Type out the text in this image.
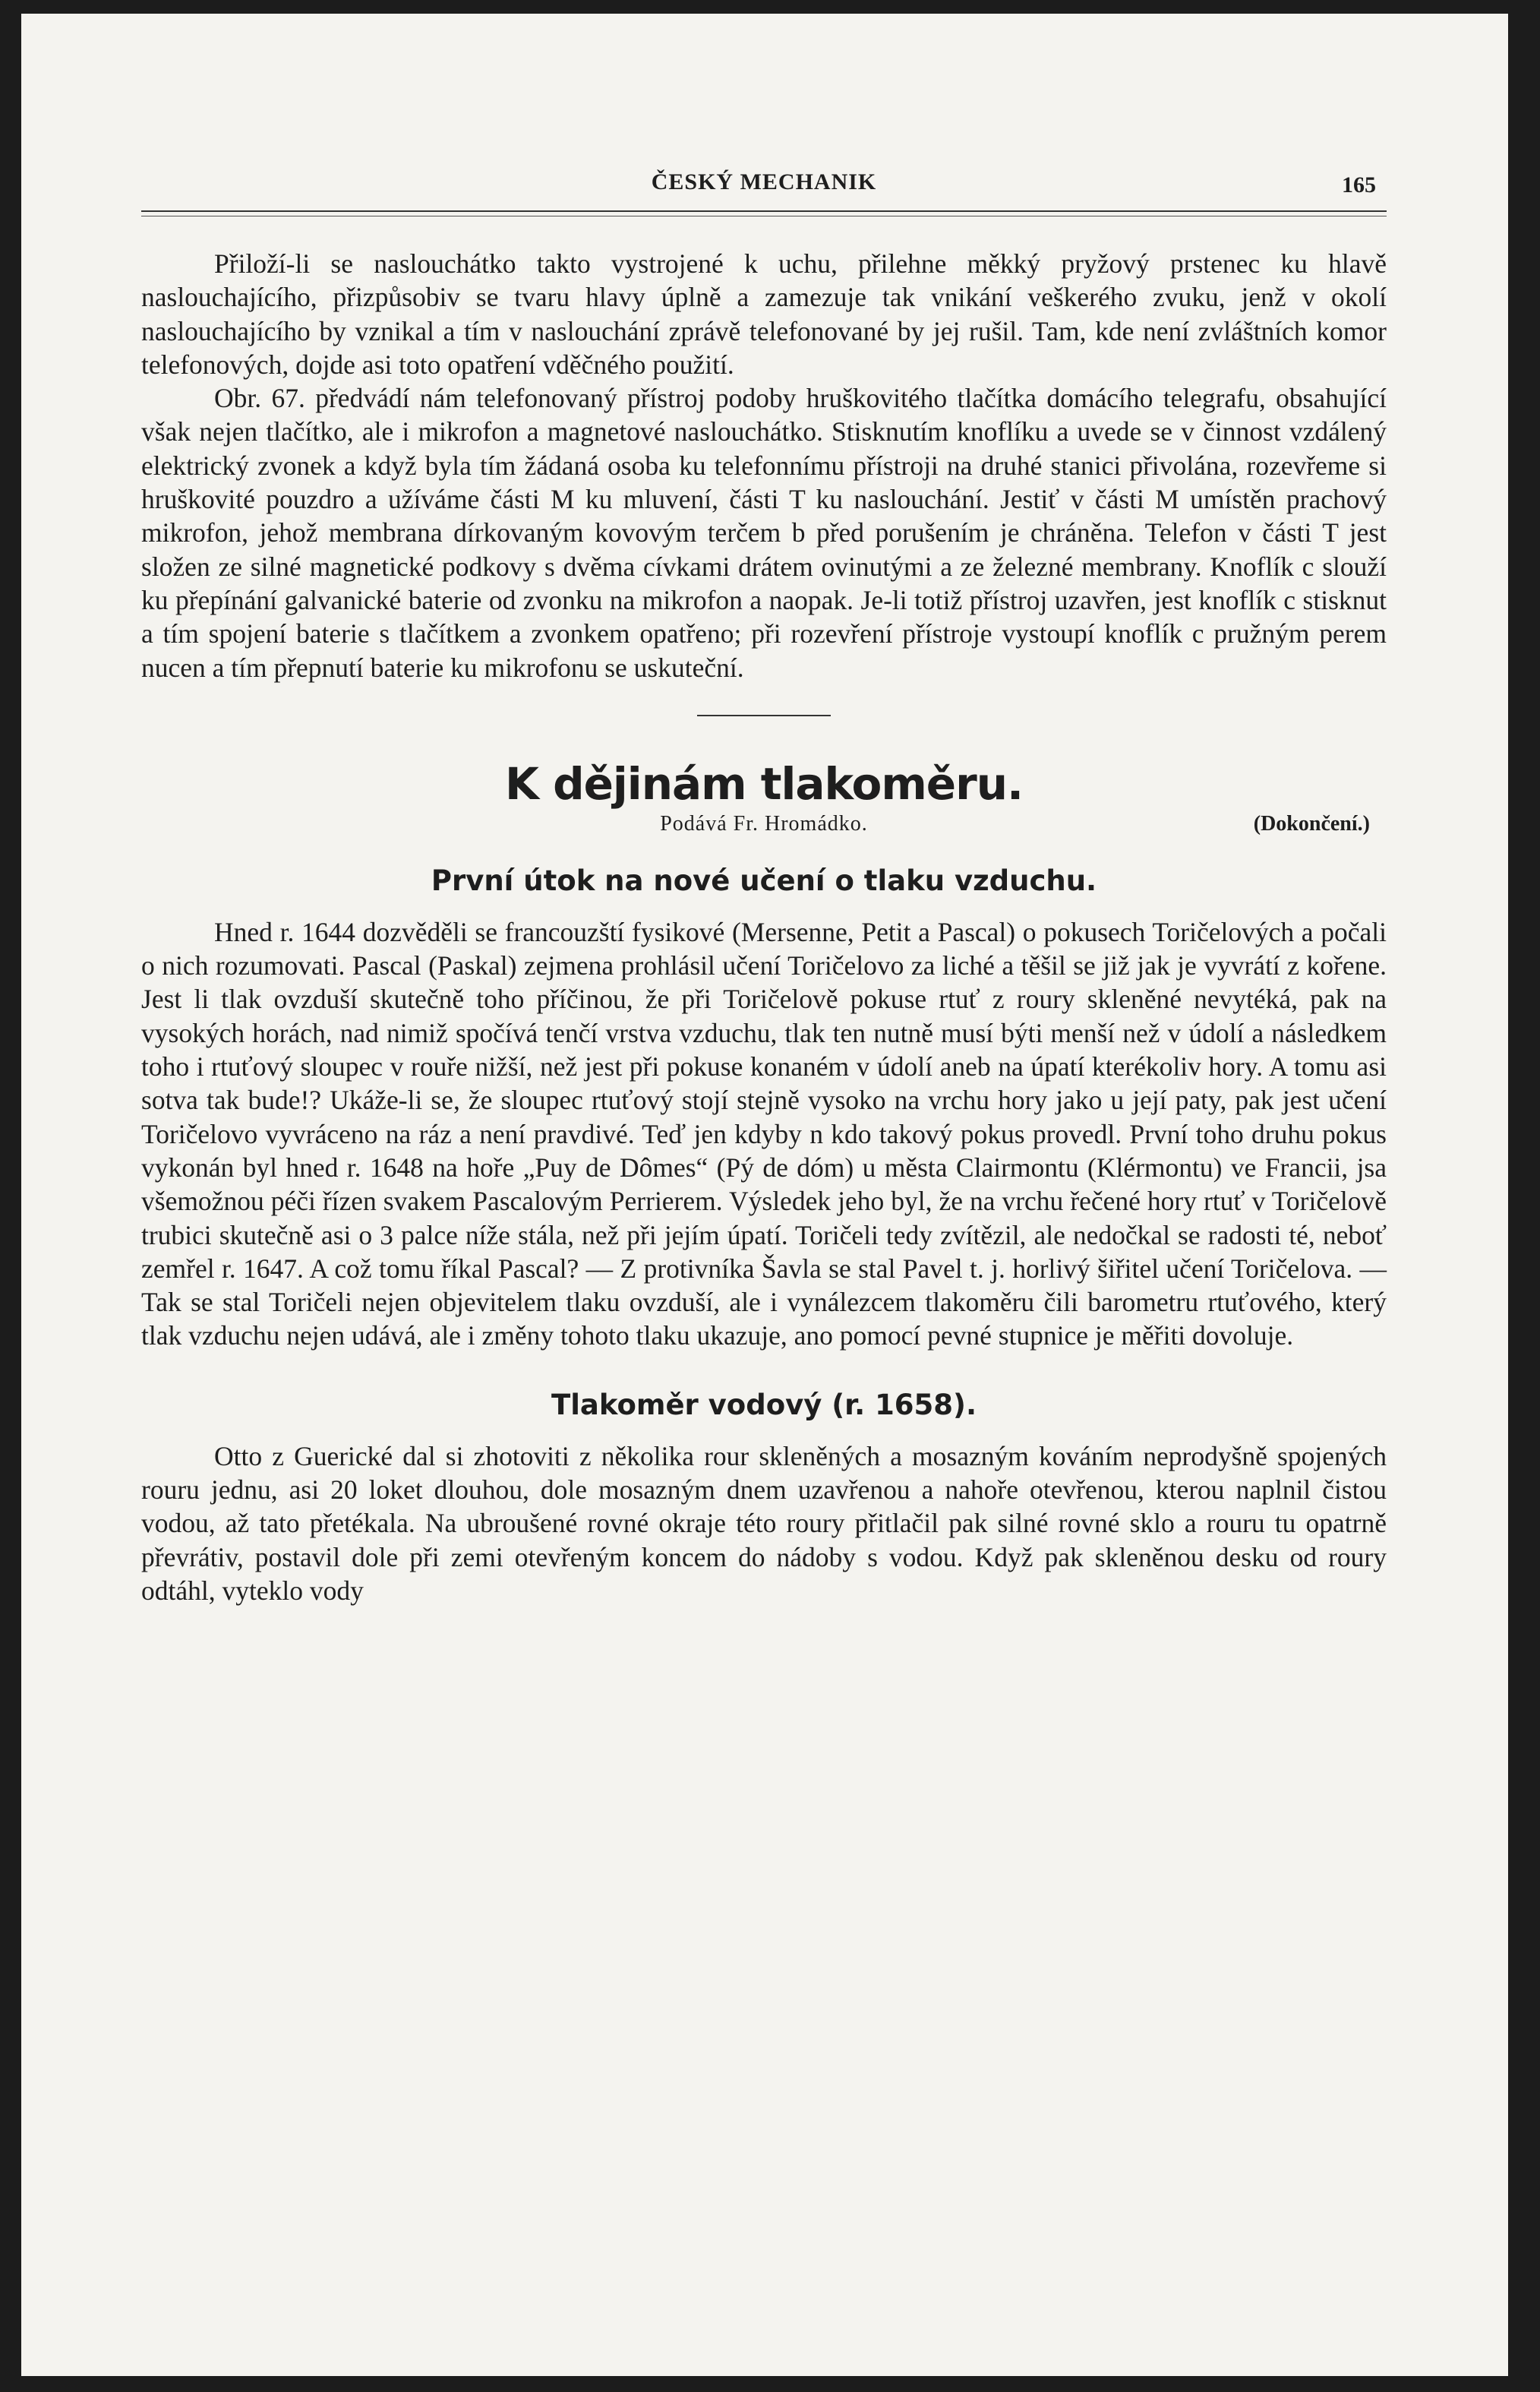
ČESKÝ MECHANIK	165

Přiloží-li se naslouchátko takto vystrojené k uchu, přilehne měkký pryžový prstenec ku hlavě naslouchajícího, přizpůsobiv se tvaru hlavy úplně a zamezuje tak vnikání veškerého zvuku, jenž v okolí naslouchajícího by vznikal a tím v naslouchání zprávě telefonované by jej rušil. Tam, kde není zvláštních komor telefonových, dojde asi toto opatření vděčného použití.

Obr. 67. předvádí nám telefonovaný přístroj podoby hruškovitého tlačítka domácího telegrafu, obsahující však nejen tlačítko, ale i mikrofon a magnetové naslouchátko. Stisknutím knoflíku a uvede se v činnost vzdálený elektrický zvonek a když byla tím žádaná osoba ku telefonnímu přístroji na druhé stanici přivolána, rozevřeme si hruškovité pouzdro a užíváme části M ku mluvení, části T ku naslouchání. Jestiť v části M umístěn prachový mikrofon, jehož membrana dírkovaným kovovým terčem b před porušením je chráněna. Telefon v části T jest složen ze silné magnetické podkovy s dvěma cívkami drátem ovinutými a ze železné membrany. Knoflík c slouží ku přepínání galvanické baterie od zvonku na mikrofon a naopak. Je-li totiž přístroj uzavřen, jest knoflík c stisknut a tím spojení baterie s tlačítkem a zvonkem opatřeno; při rozevření přístroje vystoupí knoflík c pružným perem nucen a tím přepnutí baterie ku mikrofonu se uskuteční.

K dějinám tlakoměru.
Podává Fr. Hromádko.	(Dokončení.)
První útok na nové učení o tlaku vzduchu.

Hned r. 1644 dozvěděli se francouzští fysikové (Mersenne, Petit a Pascal) o pokusech Toričelových a počali o nich rozumovati. Pascal (Paskal) zejmena prohlásil učení Toričelovo za liché a těšil se již jak je vyvrátí z kořene. Jest li tlak ovzduší skutečně toho příčinou, že při Toričelově pokuse rtuť z roury skleněné nevytéká, pak na vysokých horách, nad nimiž spočívá tenčí vrstva vzduchu, tlak ten nutně musí býti menší než v údolí a následkem toho i rtuťový sloupec v rouře nižší, než jest při pokuse konaném v údolí aneb na úpatí kterékoliv hory. A tomu asi sotva tak bude!? Ukáže-li se, že sloupec rtuťový stojí stejně vysoko na vrchu hory jako u její paty, pak jest učení Toričelovo vyvráceno na ráz a není pravdivé. Teď jen kdyby n kdo takový pokus provedl. První toho druhu pokus vykonán byl hned r. 1648 na hoře „Puy de Dômes“ (Pý de dóm) u města Clairmontu (Klérmontu) ve Francii, jsa všemožnou péči řízen svakem Pascalovým Perrierem. Výsledek jeho byl, že na vrchu řečené hory rtuť v Toričelově trubici skutečně asi o 3 palce níže stála, než při jejím úpatí. Toričeli tedy zvítězil, ale nedočkal se radosti té, neboť zemřel r. 1647. A což tomu říkal Pascal? — Z protivníka Šavla se stal Pavel t. j. horlivý šiřitel učení Toričelova. — Tak se stal Toričeli nejen objevitelem tlaku ovzduší, ale i vynálezcem tlakoměru čili barometru rtuťového, který tlak vzduchu nejen udává, ale i změny tohoto tlaku ukazuje, ano pomocí pevné stupnice je měřiti dovoluje.

Tlakoměr vodový (r. 1658).

Otto z Guerické dal si zhotoviti z několika rour skleněných a mosazným kováním neprodyšně spojených rouru jednu, asi 20 loket dlouhou, dole mosazným dnem uzavřenou a nahoře otevřenou, kterou naplnil čistou vodou, až tato přetékala. Na ubroušené rovné okraje této roury přitlačil pak silné rovné sklo a rouru tu opatrně převrátiv, postavil dole při zemi otevřeným koncem do nádoby s vodou. Když pak skleněnou desku od roury odtáhl, vyteklo vody
